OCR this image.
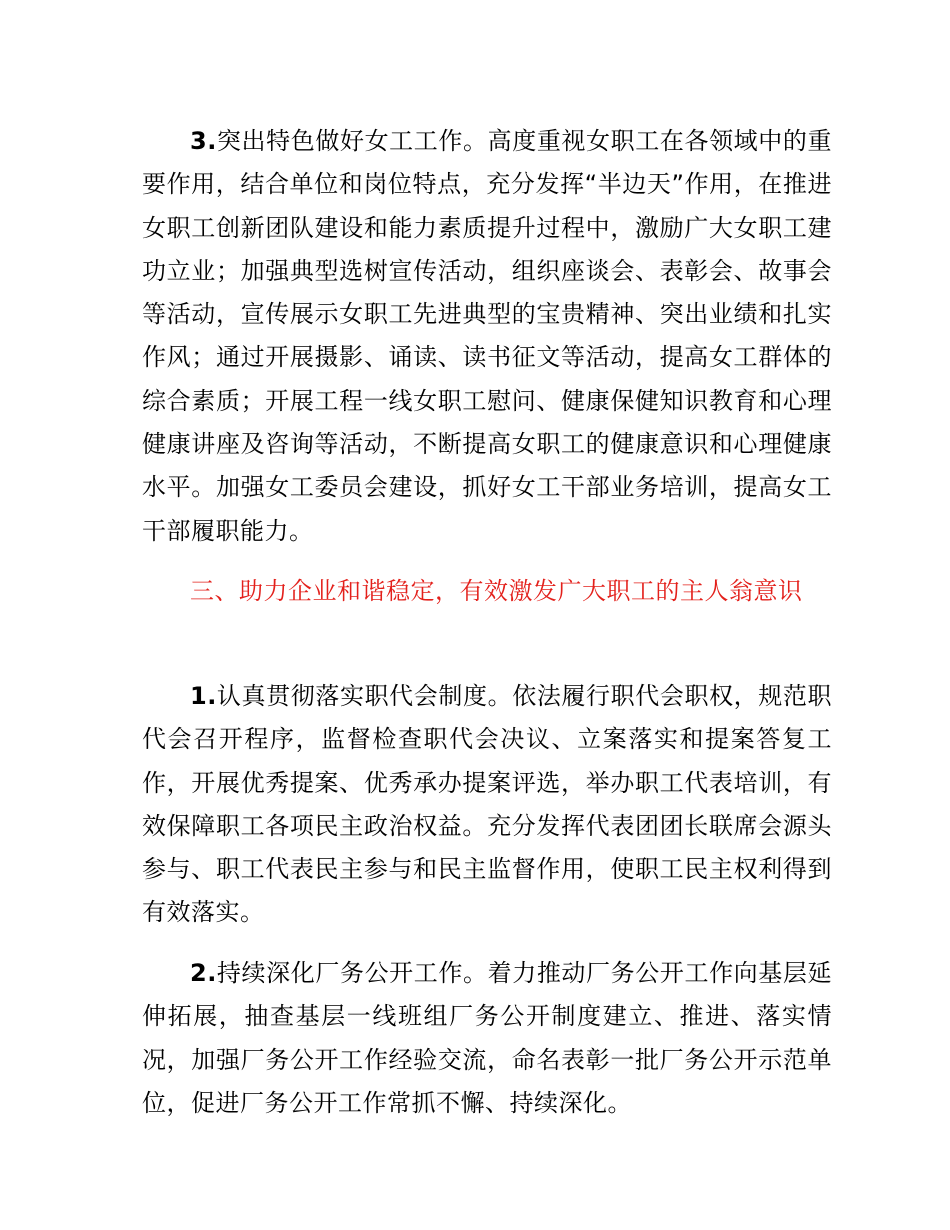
3.突出特色做好女工工作。高度重视女职工在各领域中的重要作用，结合单位和岗位特点，充分发挥“半边天”作用，在推进女职工创新团队建设和能力素质提升过程中，激励广大女职工建功立业；加强典型选树宣传活动，组织座谈会、表彰会、故事会等活动，宣传展示女职工先进典型的宝贵精神、突出业绩和扎实作风；通过开展摄影、诵读、读书征文等活动，提高女工群体的综合素质；开展工程一线女职工慰问、健康保健知识教育和心理健康讲座及咨询等活动，不断提高女职工的健康意识和心理健康水平。加强女工委员会建设，抓好女工干部业务培训，提高女工干部履职能力。

三、助力企业和谐稳定，有效激发广大职工的主人翁意识

1.认真贯彻落实职代会制度。依法履行职代会职权，规范职代会召开程序，监督检查职代会决议、立案落实和提案答复工作，开展优秀提案、优秀承办提案评选，举办职工代表培训，有效保障职工各项民主政治权益。充分发挥代表团团长联席会源头参与、职工代表民主参与和民主监督作用，使职工民主权利得到有效落实。

2.持续深化厂务公开工作。着力推动厂务公开工作向基层延伸拓展，抽查基层一线班组厂务公开制度建立、推进、落实情况，加强厂务公开工作经验交流，命名表彰一批厂务公开示范单位，促进厂务公开工作常抓不懈、持续深化。
